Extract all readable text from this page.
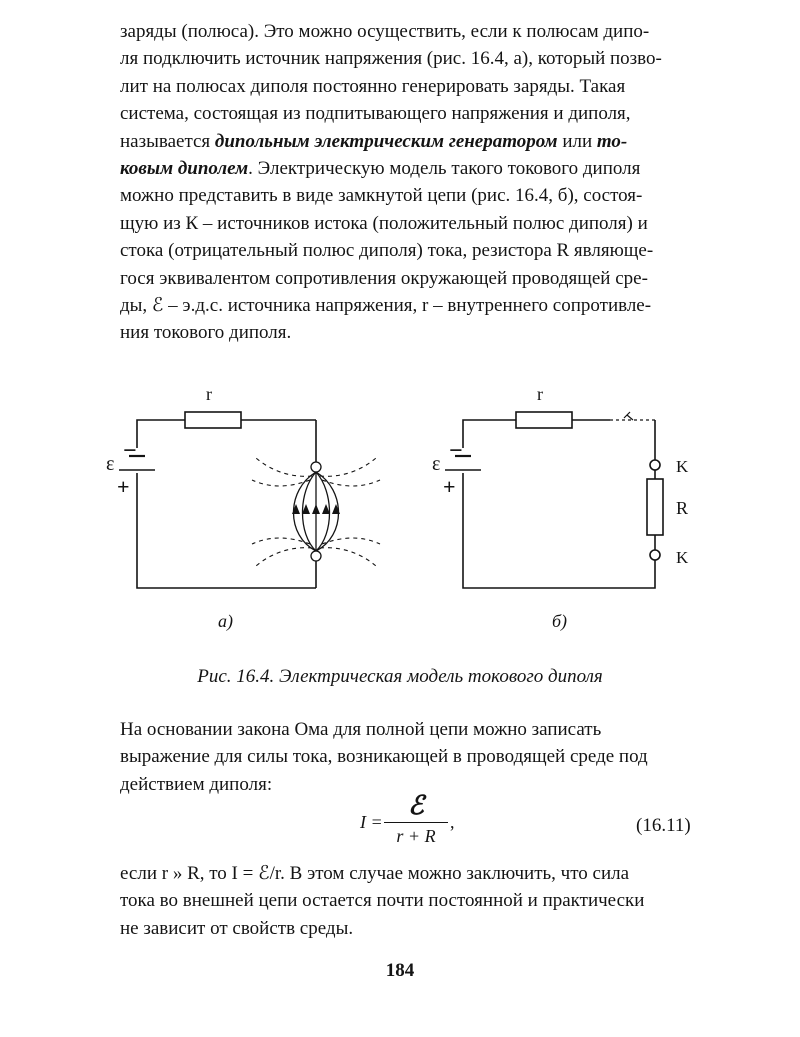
заряды (полюса). Это можно осуществить, если к полюсам дипо-
ля подключить источник напряжения (рис. 16.4, а), который позво-
лит на полюсах диполя постоянно генерировать заряды. Такая
система, состоящая из подпитывающего напряжения и диполя,
называется дипольным электрическим генератором или то-
ковым диполем. Электрическую модель такого токового диполя
можно представить в виде замкнутой цепи (рис. 16.4, б), состоя-
щую из К – источников истока (положительный полюс диполя) и
стока (отрицательный полюс диполя) тока, резистора R являюще-
гося эквивалентом сопротивления окружающей проводящей сре-
ды, ℰ – э.д.с. источника напряжения, r – внутреннего сопротивле-
ния токового диполя.
r
ε −
+
а)
r
ε −
+
K
R
K
б)
Рис. 16.4. Электрическая модель токового диполя
На основании закона Ома для полной цепи можно записать
выражение для силы тока, возникающей в проводящей среде под
действием диполя:
I =
ℰ
r + R
,	(16.11)
если r » R, то I = ℰ/r. В этом случае можно заключить, что сила
тока во внешней цепи остается почти постоянной и практически
не зависит от свойств среды.
184
